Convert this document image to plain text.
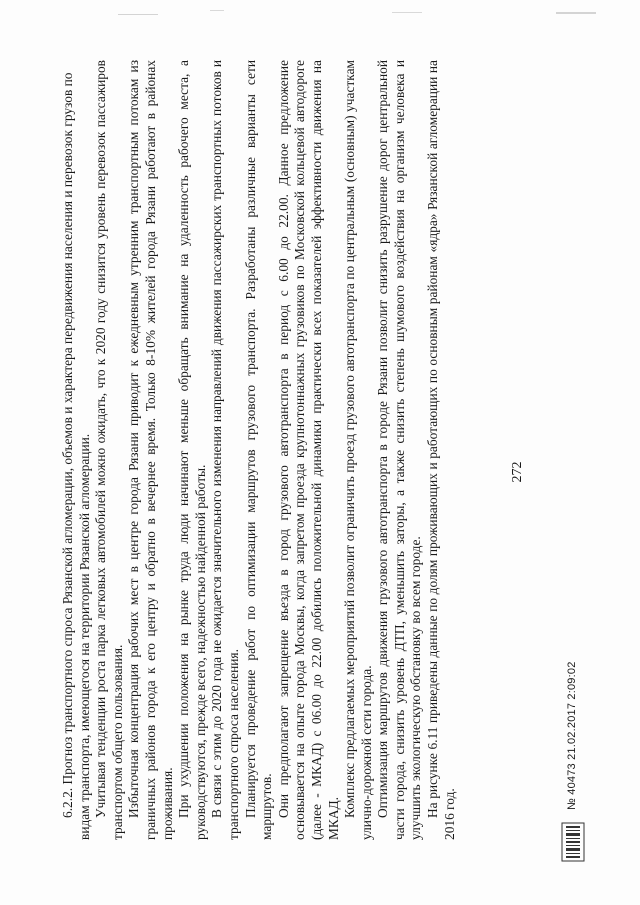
6.2.2. Прогноз транспортного спроса Рязанской агломерации, объемов и характера передвижения населения и перевозок грузов по видам транспорта, имеющегося на территории Рязанской агломерации. Учитывая тенденции роста парка легковых автомобилей можно ожидать, что к 2020 году снизится уровень перевозок пассажиров транспортом общего пользования. Избыточная концентрация рабочих мест в центре города Рязани приводит к ежедневным утренним транспортным потокам из граничных районов города к его центру и обратно в вечернее время. Только 8-10% жителей города Рязани работают в районах проживания. При ухудшении положения на рынке труда люди начинают меньше обращать внимание на удаленность рабочего места, а руководствуются, прежде всего, надежностью найденной работы. В связи с этим до 2020 года не ожидается значительного изменения направлений движения пассажирских транспортных потоков и транспортного спроса населения. Планируется проведение работ по оптимизации маршрутов грузового транспорта. Разработаны различные варианты сети маршрутов. Они предполагают запрещение въезда в город грузового автотранспорта в период с 6.00 до 22.00. Данное предложение основывается на опыте города Москвы, когда запретом проезда крупнотоннажных грузовиков по Московской кольцевой автодороге (далее - МКАД) с 06.00 до 22.00 добились положительной динамики практически всех показателей эффективности движения на МКАД.

Комплекс предлагаемых мероприятий позволит ограничить проезд грузового автотранспорта по центральным (основным) участкам улично-дорожной сети города. Оптимизация маршрутов движения грузового автотранспорта в городе Рязани позволит снизить разрушение дорог центральной части города, снизить уровень ДТП, уменьшить заторы, а также снизить степень шумового воздействия на организм человека и улучшить экологическую обстановку во всем городе. На рисунке 6.11 приведены данные по долям проживающих и работающих по основным районам «ядра» Рязанской агломерации на 2016 год.

272
№ 40473 21.02.2017 2:09:02
